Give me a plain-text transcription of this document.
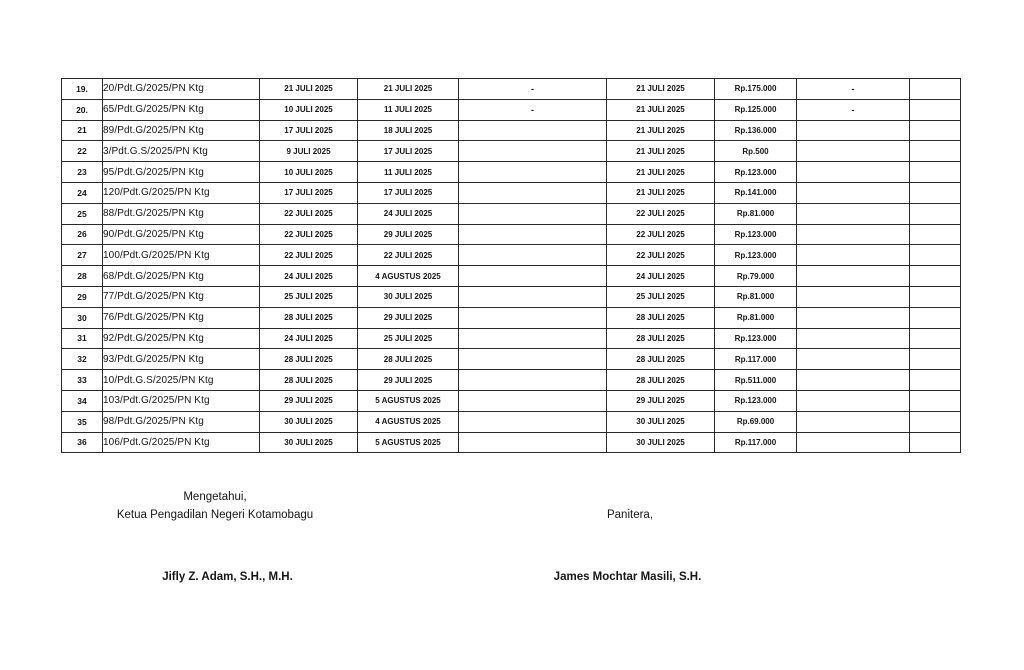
19.	20/Pdt.G/2025/PN Ktg	21 JULI 2025	21 JULI 2025	-	21 JULI 2025	Rp.175.000	-	
20.	65/Pdt.G/2025/PN Ktg	10 JULI 2025	11 JULI 2025	-	21 JULI 2025	Rp.125.000	-	
21	89/Pdt.G/2025/PN Ktg	17 JULI 2025	18 JULI 2025		21 JULI 2025	Rp.136.000		
22	3/Pdt.G.S/2025/PN Ktg	9 JULI 2025	17 JULI 2025		21 JULI 2025	Rp.500		
23	95/Pdt.G/2025/PN Ktg	10 JULI 2025	11 JULI 2025		21 JULI 2025	Rp.123.000		
24	120/Pdt.G/2025/PN Ktg	17 JULI 2025	17 JULI 2025		21 JULI 2025	Rp.141.000		
25	88/Pdt.G/2025/PN Ktg	22 JULI 2025	24 JULI 2025		22 JULI 2025	Rp.81.000		
26	90/Pdt.G/2025/PN Ktg	22 JULI 2025	29 JULI 2025		22 JULI 2025	Rp.123.000		
27	100/Pdt.G/2025/PN Ktg	22 JULI 2025	22 JULI 2025		22 JULI 2025	Rp.123.000		
28	68/Pdt.G/2025/PN Ktg	24 JULI 2025	4 AGUSTUS 2025		24 JULI 2025	Rp.79.000		
29	77/Pdt.G/2025/PN Ktg	25 JULI 2025	30 JULI 2025		25 JULI 2025	Rp.81.000		
30	76/Pdt.G/2025/PN Ktg	28 JULI 2025	29 JULI 2025		28 JULI 2025	Rp.81.000		
31	92/Pdt.G/2025/PN Ktg	24 JULI 2025	25 JULI 2025		28 JULI 2025	Rp.123.000		
32	93/Pdt.G/2025/PN Ktg	28 JULI 2025	28 JULI 2025		28 JULI 2025	Rp.117.000		
33	10/Pdt.G.S/2025/PN Ktg	28 JULI 2025	29 JULI 2025		28 JULI 2025	Rp.511.000		
34	103/Pdt.G/2025/PN Ktg	29 JULI 2025	5 AGUSTUS 2025		29 JULI 2025	Rp.123.000		
35	98/Pdt.G/2025/PN Ktg	30 JULI 2025	4 AGUSTUS 2025		30 JULI 2025	Rp.69.000		
36	106/Pdt.G/2025/PN Ktg	30 JULI 2025	5 AGUSTUS 2025		30 JULI 2025	Rp.117.000		
Mengetahui,
Ketua Pengadilan Negeri Kotamobagu	Panitera,
Jifly Z. Adam, S.H., M.H.	James Mochtar Masili, S.H.
